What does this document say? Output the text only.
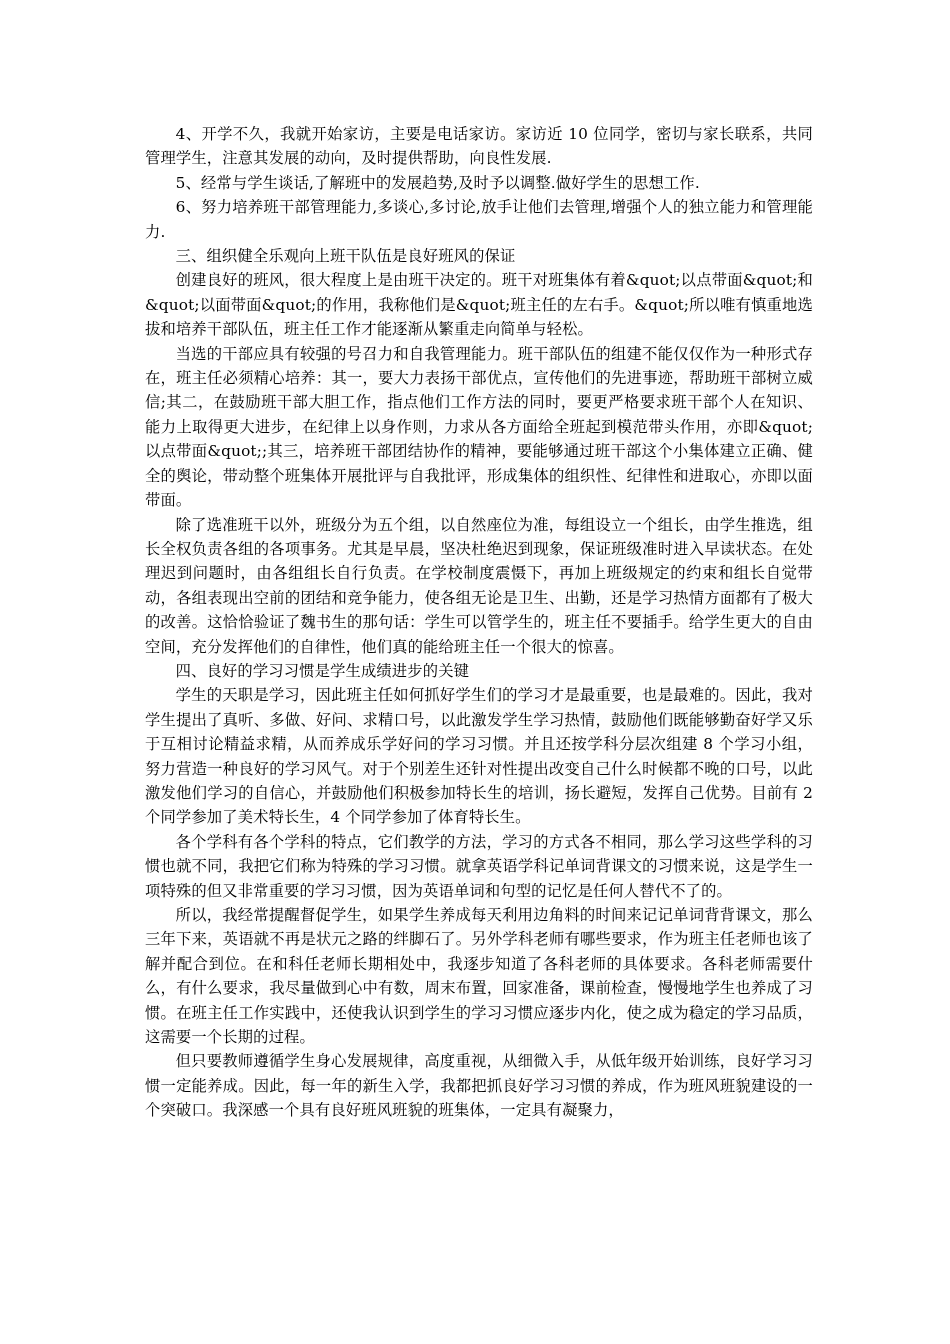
4、开学不久，我就开始家访，主要是电话家访。家访近 10 位同学，密切与家长联系，共同管理学生，注意其发展的动向，及时提供帮助，向良性发展.

5、经常与学生谈话,了解班中的发展趋势,及时予以调整.做好学生的思想工作.

6、努力培养班干部管理能力,多谈心,多讨论,放手让他们去管理,增强个人的独立能力和管理能力.

三、组织健全乐观向上班干队伍是良好班风的保证

创建良好的班风，很大程度上是由班干决定的。班干对班集体有着&quot;以点带面&quot;和&quot;以面带面&quot;的作用，我称他们是&quot;班主任的左右手。&quot;所以唯有慎重地选拔和培养干部队伍，班主任工作才能逐渐从繁重走向简单与轻松。

当选的干部应具有较强的号召力和自我管理能力。班干部队伍的组建不能仅仅作为一种形式存在，班主任必须精心培养：其一，要大力表扬干部优点，宣传他们的先进事迹，帮助班干部树立威信;其二，在鼓励班干部大胆工作，指点他们工作方法的同时，要更严格要求班干部个人在知识、能力上取得更大进步，在纪律上以身作则，力求从各方面给全班起到模范带头作用，亦即&quot;以点带面&quot;;其三，培养班干部团结协作的精神，要能够通过班干部这个小集体建立正确、健全的舆论，带动整个班集体开展批评与自我批评，形成集体的组织性、纪律性和进取心，亦即以面带面。

除了选准班干以外，班级分为五个组，以自然座位为准，每组设立一个组长，由学生推选，组长全权负责各组的各项事务。尤其是早晨，坚决杜绝迟到现象，保证班级准时进入早读状态。在处理迟到问题时，由各组组长自行负责。在学校制度震慑下，再加上班级规定的约束和组长自觉带动，各组表现出空前的团结和竞争能力，使各组无论是卫生、出勤，还是学习热情方面都有了极大的改善。这恰恰验证了魏书生的那句话：学生可以管学生的，班主任不要插手。给学生更大的自由空间，充分发挥他们的自律性，他们真的能给班主任一个很大的惊喜。

四、良好的学习习惯是学生成绩进步的关键

学生的天职是学习，因此班主任如何抓好学生们的学习才是最重要，也是最难的。因此，我对学生提出了真听、多做、好问、求精口号，以此激发学生学习热情，鼓励他们既能够勤奋好学又乐于互相讨论精益求精，从而养成乐学好问的学习习惯。并且还按学科分层次组建 8 个学习小组，努力营造一种良好的学习风气。对于个别差生还针对性提出改变自己什么时候都不晚的口号，以此激发他们学习的自信心，并鼓励他们积极参加特长生的培训，扬长避短，发挥自己优势。目前有 2 个同学参加了美术特长生，4 个同学参加了体育特长生。

各个学科有各个学科的特点，它们教学的方法，学习的方式各不相同，那么学习这些学科的习惯也就不同，我把它们称为特殊的学习习惯。就拿英语学科记单词背课文的习惯来说，这是学生一项特殊的但又非常重要的学习习惯，因为英语单词和句型的记忆是任何人替代不了的。

所以，我经常提醒督促学生，如果学生养成每天利用边角料的时间来记记单词背背课文，那么三年下来，英语就不再是状元之路的绊脚石了。另外学科老师有哪些要求，作为班主任老师也该了解并配合到位。在和科任老师长期相处中，我逐步知道了各科老师的具体要求。各科老师需要什么，有什么要求，我尽量做到心中有数，周末布置，回家准备，课前检查，慢慢地学生也养成了习惯。在班主任工作实践中，还使我认识到学生的学习习惯应逐步内化，使之成为稳定的学习品质，这需要一个长期的过程。

但只要教师遵循学生身心发展规律，高度重视，从细微入手，从低年级开始训练，良好学习习惯一定能养成。因此，每一年的新生入学，我都把抓良好学习习惯的养成，作为班风班貌建设的一个突破口。我深感一个具有良好班风班貌的班集体，一定具有凝聚力，
